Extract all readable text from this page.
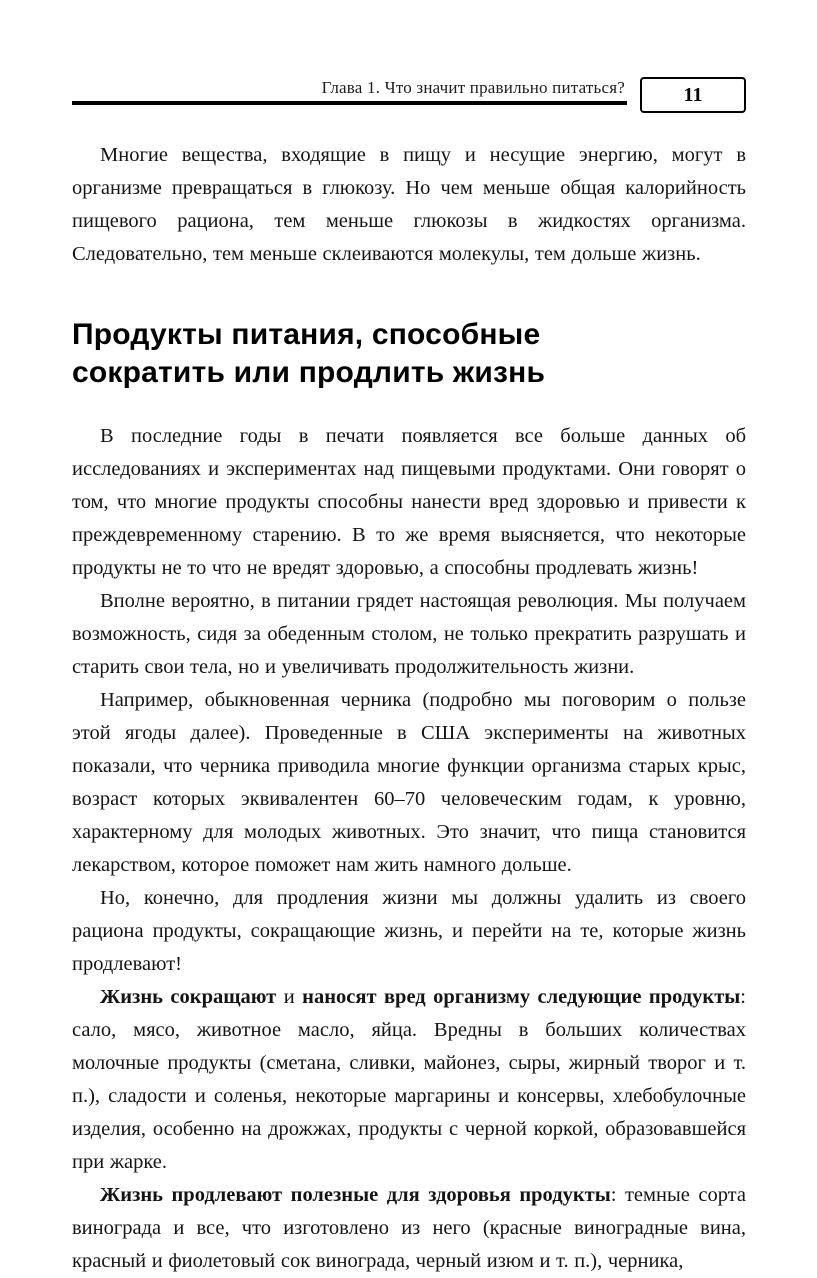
Глава 1. Что значит правильно питаться?	11

Многие вещества, входящие в пищу и несущие энергию, могут в организме превращаться в глюкозу. Но чем меньше общая калорийность пищевого рациона, тем меньше глюкозы в жидкостях организма. Следовательно, тем меньше склеиваются молекулы, тем дольше жизнь.

Продукты питания, способные
сократить или продлить жизнь

В последние годы в печати появляется все больше данных об исследованиях и экспериментах над пищевыми продуктами. Они говорят о том, что многие продукты способны нанести вред здоровью и привести к преждевременному старению. В то же время выясняется, что некоторые продукты не то что не вредят здоровью, а способны продлевать жизнь!

Вполне вероятно, в питании грядет настоящая революция. Мы получаем возможность, сидя за обеденным столом, не только прекратить разрушать и старить свои тела, но и увеличивать продолжительность жизни.

Например, обыкновенная черника (подробно мы поговорим о пользе этой ягоды далее). Проведенные в США эксперименты на животных показали, что черника приводила многие функции организма старых крыс, возраст которых эквивалентен 60–70 человеческим годам, к уровню, характерному для молодых животных. Это значит, что пища становится лекарством, которое поможет нам жить намного дольше.

Но, конечно, для продления жизни мы должны удалить из своего рациона продукты, сокращающие жизнь, и перейти на те, которые жизнь продлевают!

Жизнь сокращают и наносят вред организму следующие продукты: сало, мясо, животное масло, яйца. Вредны в больших количествах молочные продукты (сметана, сливки, майонез, сыры, жирный творог и т. п.), сладости и соленья, некоторые маргарины и консервы, хлебобулочные изделия, особенно на дрожжах, продукты с черной коркой, образовавшейся при жарке.

Жизнь продлевают полезные для здоровья продукты: темные сорта винограда и все, что изготовлено из него (красные виноградные вина, красный и фиолетовый сок винограда, черный изюм и т. п.), черника,
